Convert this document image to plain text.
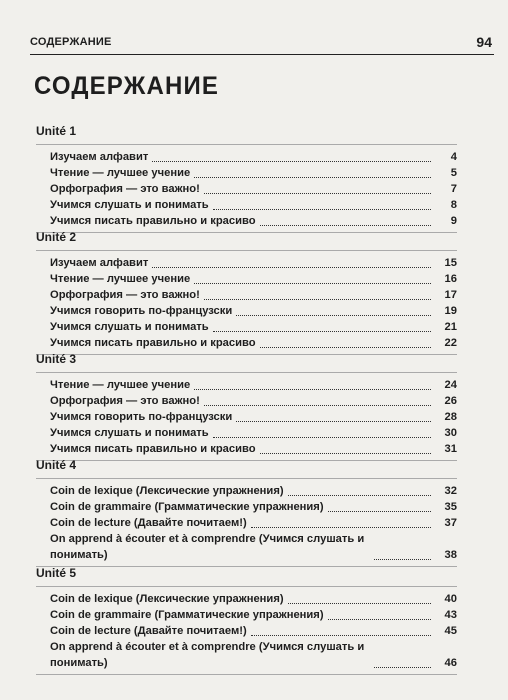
СОДЕРЖАНИЕ	94
СОДЕРЖАНИЕ
Unité 1
Изучаем алфавит	4
Чтение — лучшее учение	5
Орфография — это важно!	7
Учимся слушать и понимать	8
Учимся писать правильно и красиво	9
Unité 2
Изучаем алфавит	15
Чтение — лучшее учение	16
Орфография — это важно!	17
Учимся говорить по-французски	19
Учимся слушать и понимать	21
Учимся писать правильно и красиво	22
Unité 3
Чтение — лучшее учение	24
Орфография — это важно!	26
Учимся говорить по-французски	28
Учимся слушать и понимать	30
Учимся писать правильно и красиво	31
Unité 4
Coin de lexique (Лексические упражнения)	32
Coin de grammaire (Грамматические упражнения)	35
Coin de lecture (Давайте почитаем!)	37
On apprend à écouter et à comprendre (Учимся слушать и понимать)	38
Unité 5
Coin de lexique (Лексические упражнения)	40
Coin de grammaire (Грамматические упражнения)	43
Coin de lecture (Давайте почитаем!)	45
On apprend à écouter et à comprendre (Учимся слушать и понимать)	46
